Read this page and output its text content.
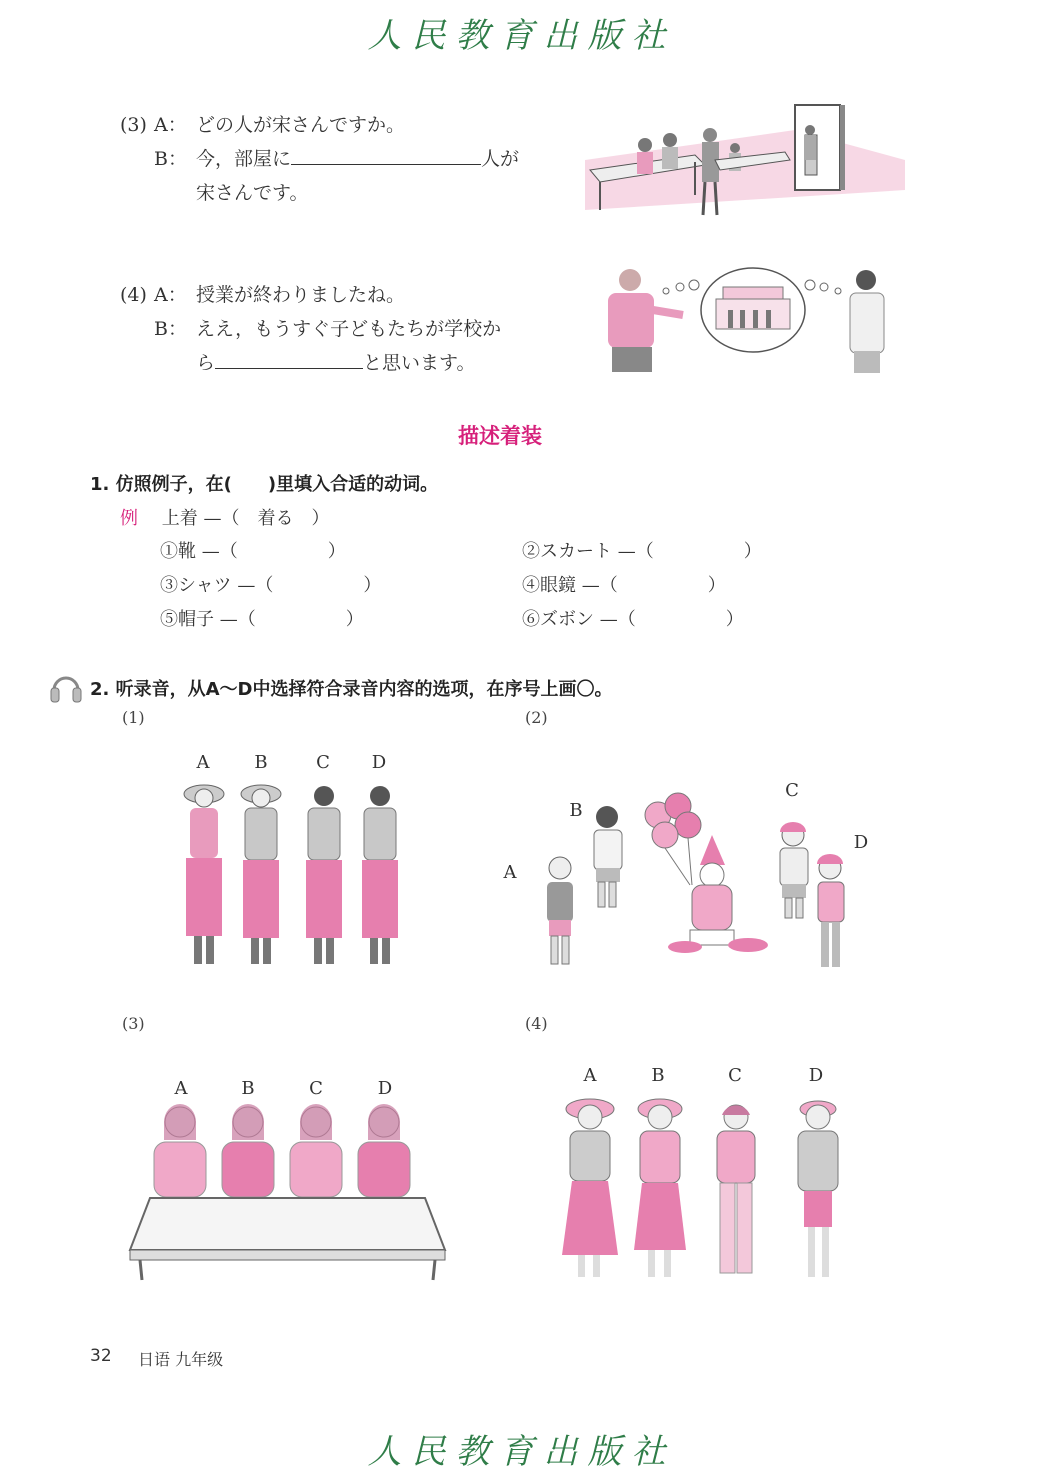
人民教育出版社
(3) A： どの人が宋さんですか。
B： 今，部屋に	人が
宋さんです。
(4) A： 授業が終わりましたね。
B： ええ，もうすぐ子どもたちが学校か
ら	と思います。
描述着装
1. 仿照例子，在(　　)里填入合适的动词。
例 上着 —（　着る　）
①靴 —（　　　　　）	②スカート —（　　　　　）
③シャツ —（　　　　　）	④眼鏡 —（　　　　　）
⑤帽子 —（　　　　　）	⑥ズボン —（　　　　　）
2. 听录音，从A～D中选择符合录音内容的选项，在序号上画〇。
(1)	(2)
A	B	C	D
A
B
C
D
(3)	(4)
A	B	C	D
A	B	C	D
32 日语 九年级
人民教育出版社
